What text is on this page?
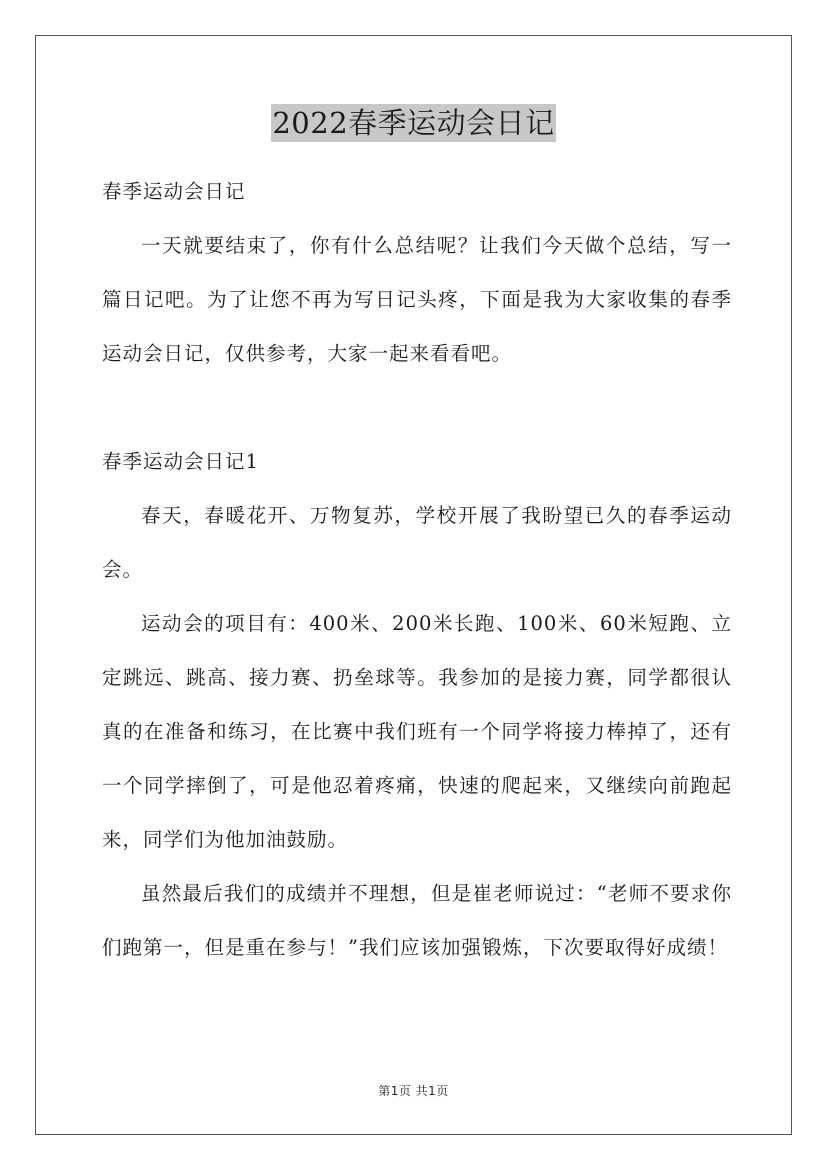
2022春季运动会日记

春季运动会日记

一天就要结束了，你有什么总结呢？让我们今天做个总结，写一篇日记吧。为了让您不再为写日记头疼，下面是我为大家收集的春季运动会日记，仅供参考，大家一起来看看吧。

春季运动会日记1

春天，春暖花开、万物复苏，学校开展了我盼望已久的春季运动会。

运动会的项目有：400米、200米长跑、100米、60米短跑、立定跳远、跳高、接力赛、扔垒球等。我参加的是接力赛，同学都很认真的在准备和练习，在比赛中我们班有一个同学将接力棒掉了，还有一个同学摔倒了，可是他忍着疼痛，快速的爬起来，又继续向前跑起来，同学们为他加油鼓励。

虽然最后我们的成绩并不理想，但是崔老师说过：“老师不要求你们跑第一，但是重在参与！”我们应该加强锻炼，下次要取得好成绩！

第1页 共1页
